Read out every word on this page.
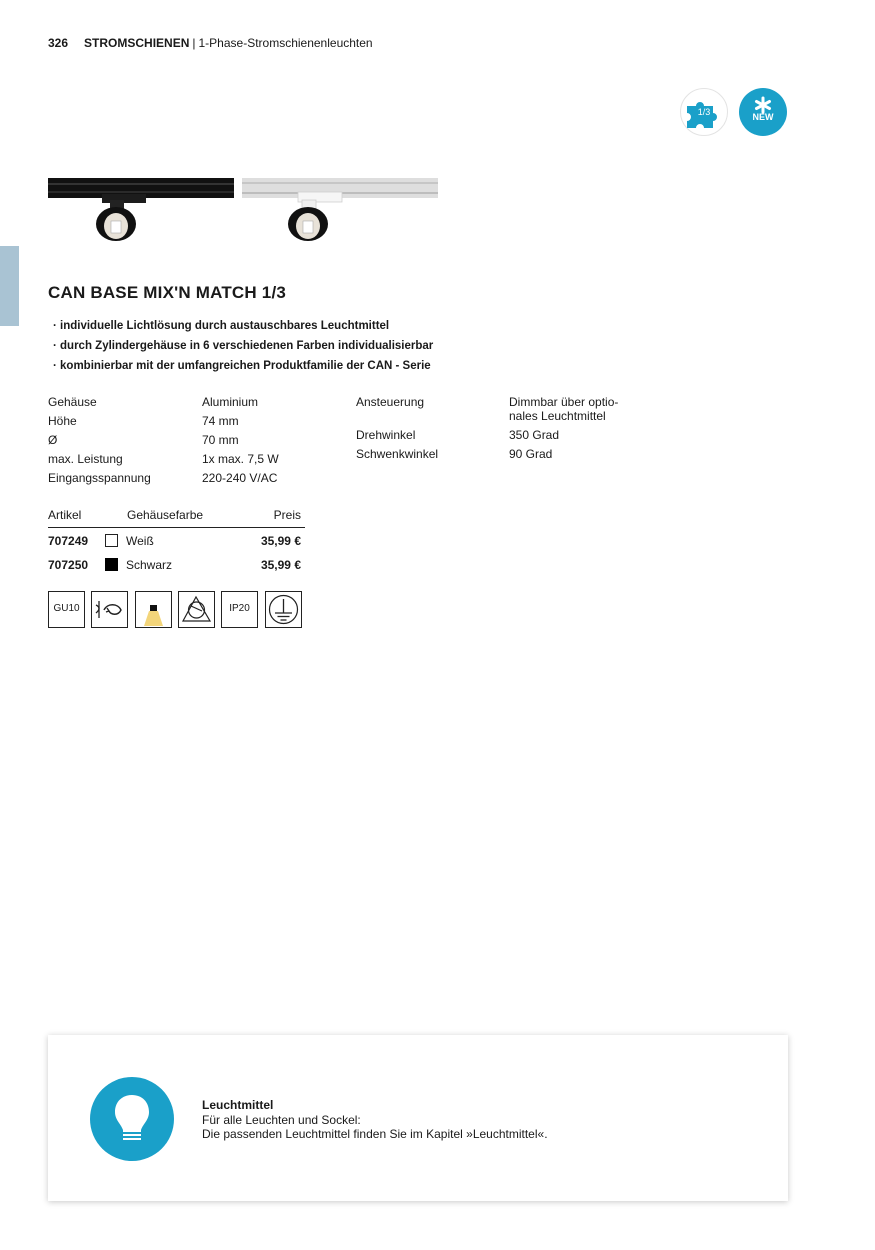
326 STROMSCHIENEN | 1-Phase-Stromschienenleuchten
1/3	NEW
CAN BASE MIX'N MATCH 1/3
· individuelle Lichtlösung durch austauschbares Leuchtmittel
· durch Zylindergehäuse in 6 verschiedenen Farben individualisierbar
· kombinierbar mit der umfangreichen Produktfamilie der CAN - Serie
Gehäuse	Aluminium
Höhe	74 mm
Ø	70 mm
max. Leistung	1x max. 7,5 W
Eingangsspannung	220-240 V/AC
Ansteuerung	Dimmbar über optio-
nales Leuchtmittel
Drehwinkel	350 Grad
Schwenkwinkel	90 Grad
Artikel	Gehäusefarbe	Preis
707249	Weiß	35,99 €
707250	Schwarz	35,99 €
GU10	IP20
Leuchtmittel
Für alle Leuchten und Sockel:
Die passenden Leuchtmittel finden Sie im Kapitel »Leuchtmittel«.
